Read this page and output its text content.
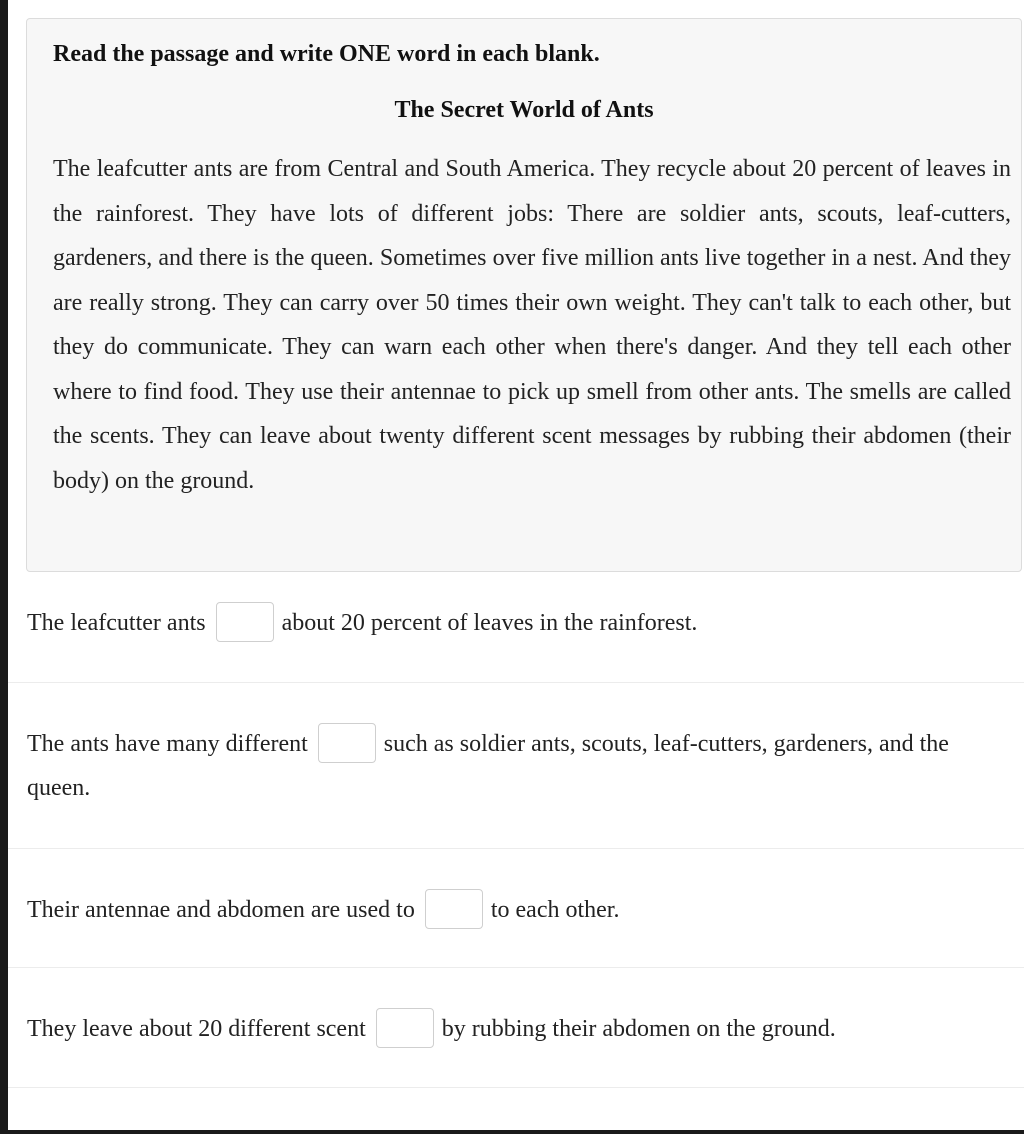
Read the passage and write ONE word in each blank.
The Secret World of Ants
The leafcutter ants are from Central and South America. They recycle about 20 percent of leaves in the rainforest. They have lots of different jobs: There are soldier ants, scouts, leaf-cutters, gardeners, and there is the queen. Sometimes over five million ants live together in a nest. And they are really strong. They can carry over 50 times their own weight. They can't talk to each other, but they do communicate. They can warn each other when there's danger. And they tell each other where to find food. They use their antennae to pick up smell from other ants. The smells are called the scents. They can leave about twenty different scent messages by rubbing their abdomen (their body) on the ground.
The leafcutter ants	about 20 percent of leaves in the rainforest.
The ants have many different	such as soldier ants, scouts, leaf-cutters, gardeners, and the queen.
Their antennae and abdomen are used to	to each other.
They leave about 20 different scent	by rubbing their abdomen on the ground.
